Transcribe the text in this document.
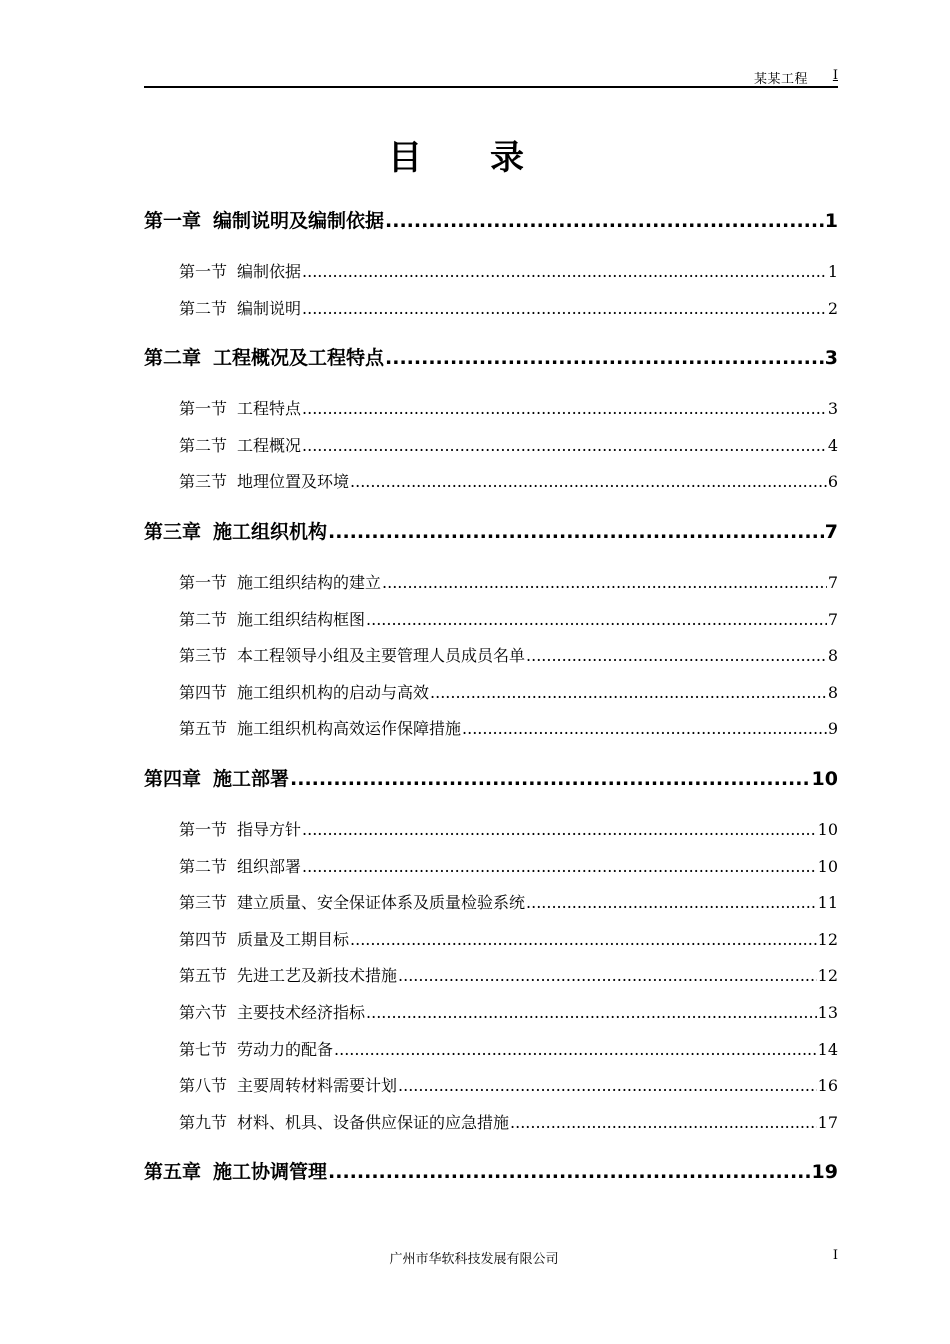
某某工程 I
目录
第一章 编制说明及编制依据 .....	1
第一节 编制依据 .....	1
第二节 编制说明 .....	2
第二章 工程概况及工程特点 .....	3
第一节 工程特点 .....	3
第二节 工程概况 .....	4
第三节 地理位置及环境 .....	6
第三章 施工组织机构 .....	7
第一节 施工组织结构的建立 .....	7
第二节 施工组织结构框图 .....	7
第三节 本工程领导小组及主要管理人员成员名单 .....	8
第四节 施工组织机构的启动与高效 .....	8
第五节 施工组织机构高效运作保障措施 .....	9
第四章 施工部署 .....	10
第一节 指导方针 .....	10
第二节 组织部署 .....	10
第三节 建立质量、安全保证体系及质量检验系统 .....	11
第四节 质量及工期目标 .....	12
第五节 先进工艺及新技术措施 .....	12
第六节 主要技术经济指标 .....	13
第七节 劳动力的配备 .....	14
第八节 主要周转材料需要计划 .....	16
第九节 材料、机具、设备供应保证的应急措施 .....	17
第五章 施工协调管理 .....	19
广州市华软科技发展有限公司	I
